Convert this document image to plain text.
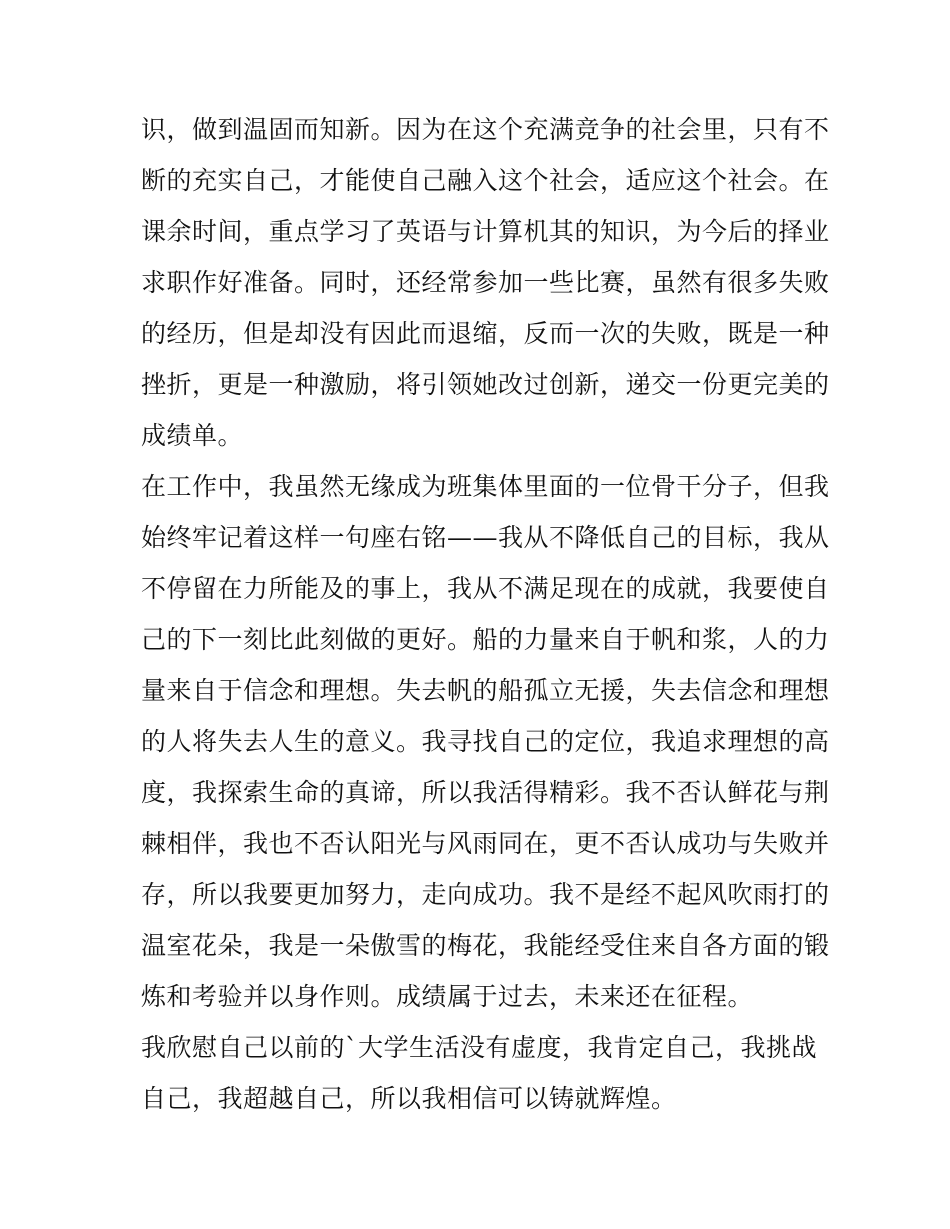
识，做到温固而知新。因为在这个充满竞争的社会里，只有不
断的充实自己，才能使自己融入这个社会，适应这个社会。在
课余时间，重点学习了英语与计算机其的知识，为今后的择业
求职作好准备。同时，还经常参加一些比赛，虽然有很多失败
的经历，但是却没有因此而退缩，反而一次的失败，既是一种
挫折，更是一种激励，将引领她改过创新，递交一份更完美的
成绩单。
在工作中，我虽然无缘成为班集体里面的一位骨干分子，但我
始终牢记着这样一句座右铭——我从不降低自己的目标，我从
不停留在力所能及的事上，我从不满足现在的成就，我要使自
己的下一刻比此刻做的更好。船的力量来自于帆和浆，人的力
量来自于信念和理想。失去帆的船孤立无援，失去信念和理想
的人将失去人生的意义。我寻找自己的定位，我追求理想的高
度，我探索生命的真谛，所以我活得精彩。我不否认鲜花与荆
棘相伴，我也不否认阳光与风雨同在，更不否认成功与失败并
存，所以我要更加努力，走向成功。我不是经不起风吹雨打的
温室花朵，我是一朵傲雪的梅花，我能经受住来自各方面的锻
炼和考验并以身作则。成绩属于过去，未来还在征程。
我欣慰自己以前的`大学生活没有虚度，我肯定自己，我挑战
自己，我超越自己，所以我相信可以铸就辉煌。
